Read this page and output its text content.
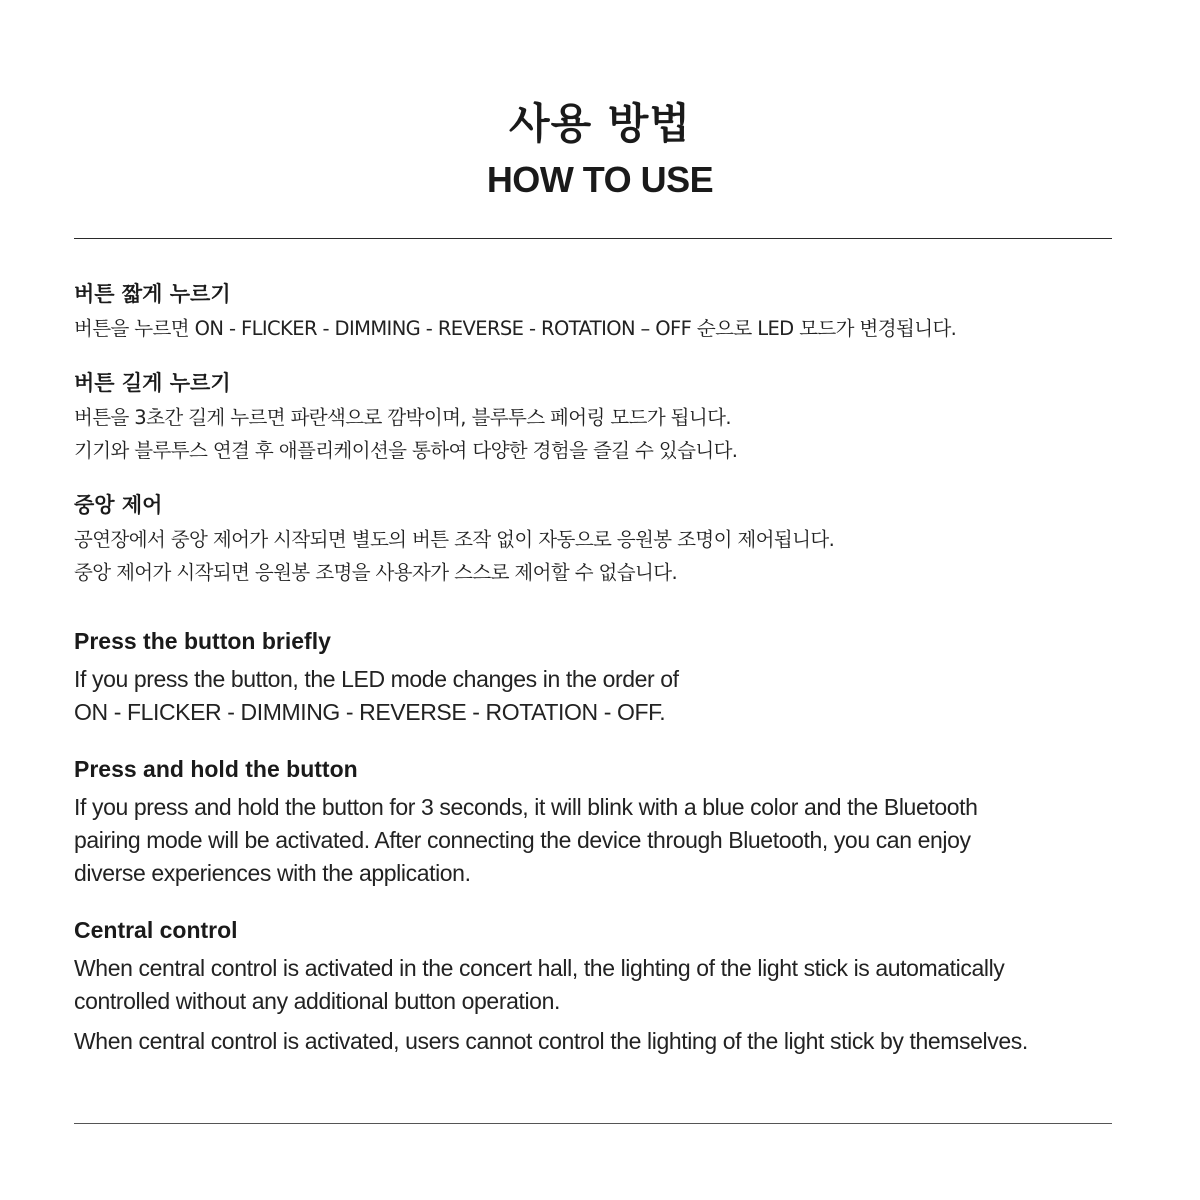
사용 방법
HOW TO USE
버튼 짧게 누르기

버튼을 누르면 ON - FLICKER - DIMMING - REVERSE - ROTATION – OFF 순으로 LED 모드가 변경됩니다.

버튼 길게 누르기

버튼을 3초간 길게 누르면 파란색으로 깜박이며, 블루투스 페어링 모드가 됩니다.

기기와 블루투스 연결 후 애플리케이션을 통하여 다양한 경험을 즐길 수 있습니다.

중앙 제어

공연장에서 중앙 제어가 시작되면 별도의 버튼 조작 없이 자동으로 응원봉 조명이 제어됩니다.

중앙 제어가 시작되면 응원봉 조명을 사용자가 스스로 제어할 수 없습니다.

Press the button briefly

If you press the button, the LED mode changes in the order of

ON - FLICKER - DIMMING - REVERSE - ROTATION - OFF.

Press and hold the button

If you press and hold the button for 3 seconds, it will blink with a blue color and the Bluetooth

pairing mode will be activated. After connecting the device through Bluetooth, you can enjoy

diverse experiences with the application.

Central control

When central control is activated in the concert hall, the lighting of the light stick is automatically

controlled without any additional button operation.

When central control is activated, users cannot control the lighting of the light stick by themselves.
